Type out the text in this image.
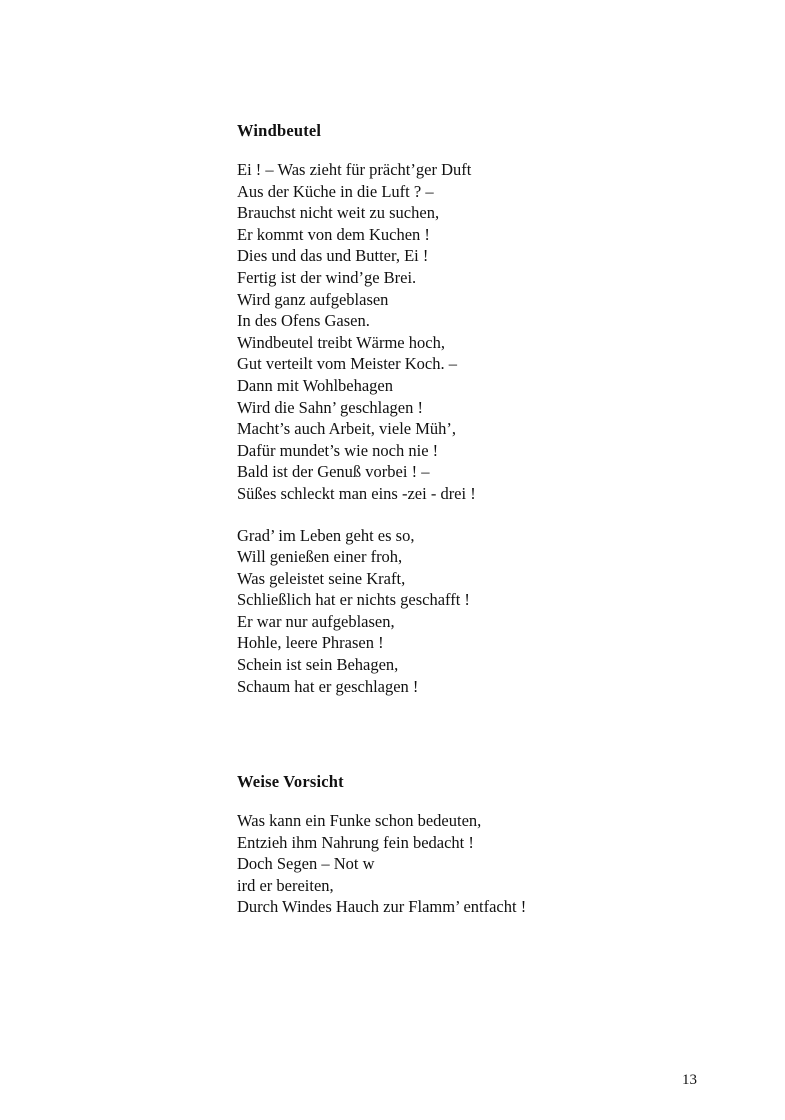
Windbeutel
Ei ! – Was zieht für prächt’ger Duft
Aus der Küche in die Luft ? –
Brauchst nicht weit zu suchen,
Er kommt von dem Kuchen !
Dies und das und Butter, Ei !
Fertig ist der wind’ge Brei.
Wird ganz aufgeblasen
In des Ofens Gasen.
Windbeutel treibt Wärme hoch,
Gut verteilt vom Meister Koch. –
Dann mit Wohlbehagen
Wird die Sahn’ geschlagen !
Macht’s auch Arbeit, viele Müh’,
Dafür mundet’s wie noch nie !
Bald ist der Genuß vorbei ! –
Süßes schleckt man eins -zei - drei !
Grad’ im Leben geht es so,
Will genießen einer froh,
Was geleistet seine Kraft,
Schließlich hat er nichts geschafft !
Er war nur aufgeblasen,
Hohle, leere Phrasen !
Schein ist sein Behagen,
Schaum hat er geschlagen !
Weise Vorsicht
Was kann ein Funke schon bedeuten,
Entzieh ihm Nahrung fein bedacht !
Doch Segen – Not w
ird er bereiten,
Durch Windes Hauch zur Flamm’ entfacht !
13
